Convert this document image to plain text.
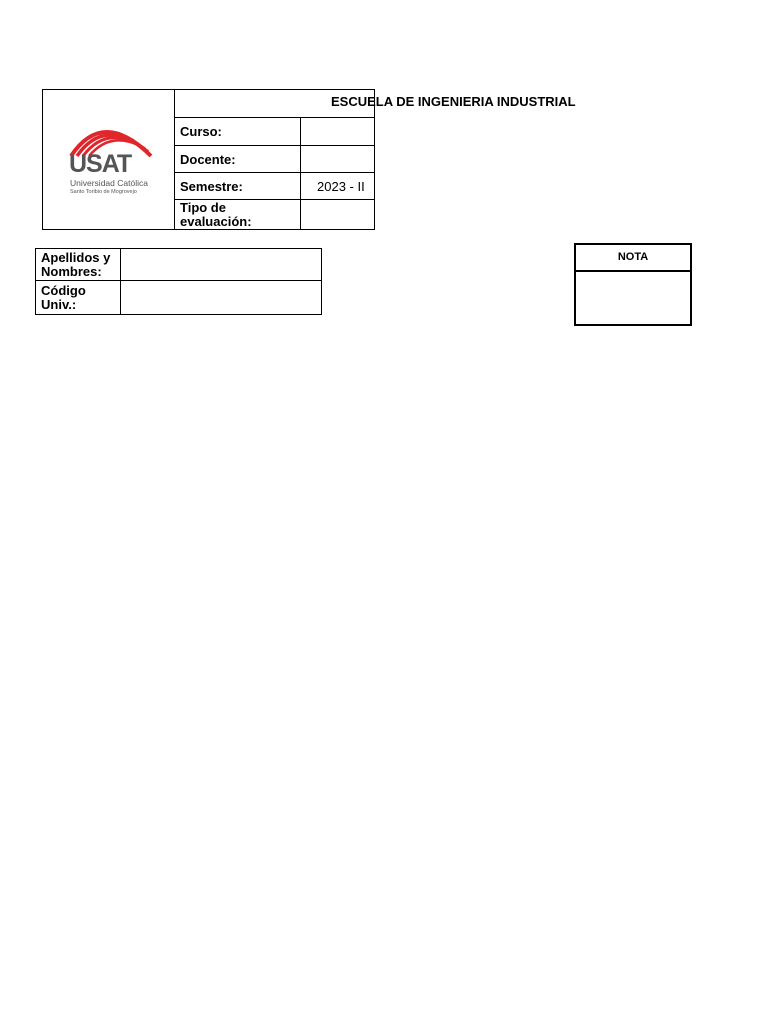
USAT
Universidad Católica
Santo Toribio de Mogrovejo
ESCUELA DE INGENIERIA INDUSTRIAL
Curso:
Docente:
Semestre:	2023 - II
Tipo de evaluación:
Apellidos y Nombres:
Código Univ.:
NOTA
